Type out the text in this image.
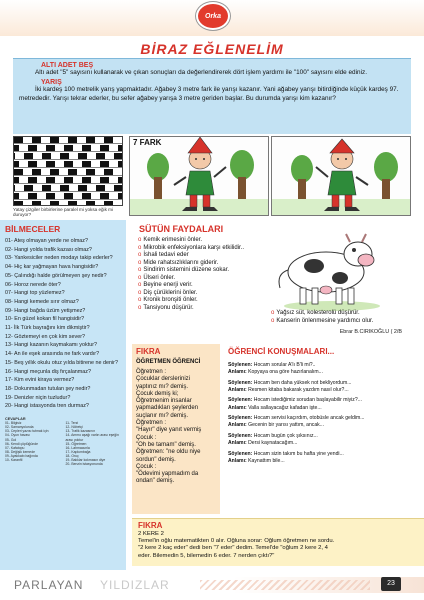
Orka
BİRAZ EĞLENELİM
ALTI ADET BEŞ
Altı adet "5" sayısını kullanarak ve çıkan sonuçları da değerlendirerek dört işlem yardımı ile "100" sayısını elde ediniz.
YARIŞ
İki kardeş 100 metrelik yarış yapmaktadır. Ağabey 3 metre fark ile yarışı kazanır. Yani ağabey yarışı bitirdiğinde küçük kardeş 97. metrededir. Yarışı tekrar ederler, bu sefer ağabey yarışa 3 metre geriden başlar. Bu durumda yarışı kim kazanır?
Yatay çizgiler birbirlerine paralel mi yoksa eğik mi duruyor?
7 FARK
BİLMECELER
01- Ateş olmayan yerde ne olmaz?
02- Hangi yolda trafik kazası olmaz?
03- Yankesiciler neden modayı takip ederler?
04- Hiç kar yağmayan hava hangisidir?
05- Çalındığı halde görülmeyen şey nedir?
06- Horoz nerede öter?
07- Hangi top yüzlemez?
08- Hangi kemede sırır olmaz?
09- Hangi bağda üzüm yetişmez?
10- En güzel kokan fil hangisidir?
11- İlk Türk bayrağını kim dikmiştir?
12- Göztemeyi en çok kim sever?
13- Hangi kazanın kaymakamı yoktur?
14- An ile eşek arasında ne fark vardır?
15- Beş yıllık okulu otuz yılda bitirene ne denir?
16- Hangi meçunla diş fırçalanmaz?
17- Kim evini kiraya vermez?
18- Dokunmadan tutulan şey nedir?
19- Denizler niçin tuzludur?
20- Hangi istasyonda tren durmaz?
CEVAPLAR
01- Bilgisiz
02- Samanyolunda
03- Cepleri yazısı tutmak için
04- Oyun havası
05- Gol
06- Kendi çöplüğünde
07- Kafatopu
08- Değişik kemede
09- Ayakkabı bağında
10- Karanfil

11- Terzi
12- Nöbetçi
13- Trafik kazasının
14- Ammo aşağı varlın arası eşeğin arası yoktur
15- Öğretmen
16- Lahmacunla
17- Kaplumbağa
18- Oruç
19- Balıklar kokmasın diye
20- Benzin istasyonunda
SÜTÜN FAYDALARI
o Kemik erimesini önler.
o Mikrobik enfeksiyonlara karşı etkilidir..
o İshali tedavi eder
o Mide rahatsızlıklarını giderir.
o Sindirim sistemini düzene sokar.
o Ülseri önler.
o Beyine enerji verir.
o Diş çürüklerini önler.
o Kronik bronşiti önler.
o Tansiyonu düşürür.
o Yağsız süt, kolesterolü düşürür.
o Kanserin önlenmesine yardımcı olur.
Ebrar B.CIRIKOĞLU ( 2/B
FIKRA
ÖĞRETMEN ÖĞRENCİ
Öğretmen :
Çocuklar derslerinizi
yaptınız mı? demiş.
Çocuk demiş ki;
Öğretmenim insanlar
yapmadıkları şeylerden
suçlanır mı? demiş.
Öğretmen :
"Hayır" diye yanıt vermiş
Çocuk :
"Oh be tamam" demiş.
Öğretmen: "ne oldu niye
sordun" demiş.
Çocuk :
"Ödevimi yapmadım da
ondan" demiş.
ÖĞRENCİ KONUŞMALARI...
Söylenen: Hocam sorular A'lı B'li mi?..
Anlamı: Kopyaya ona göre hazırlanalım...
Söylenen: Hocam ben daha yüksek not bekliyordum...
Anlamı: Resmen kitaba bakarak yazdım nasıl olur?...
Söylenen: Hocam istediğimiz sorudan başlayabilir miyiz?...
Anlamı: Valla sallayacağız kafadan işte...
Söylenen: Hocam servisi kaçırdım, otobüsle ancak geldim...
Anlamı: Gecenin bir yarısı yattım, ancak...
Söylenen: Hocam bugün çok şıksınız...
Anlamı: Dersi kaynatacağım...
Söylenen: Hocam sizin takım bu hafta yine yendi...
Anlamı: Kaynattım bile...
FIKRA
2 KERE 2
Temel'in oğlu matematikten 0 alır. Oğluna sorar: Oğlum öğretmen ne sordu.
"2 kere 2 kaç eder" dedi ben "7 eder" dedim. Temel'de "oğlum 2 kere 2, 4
eder. Bilemedin 5, bilemedin 6 eder. 7 nerden çıktı?"
PARLAYAN YILDIZLAR	23
